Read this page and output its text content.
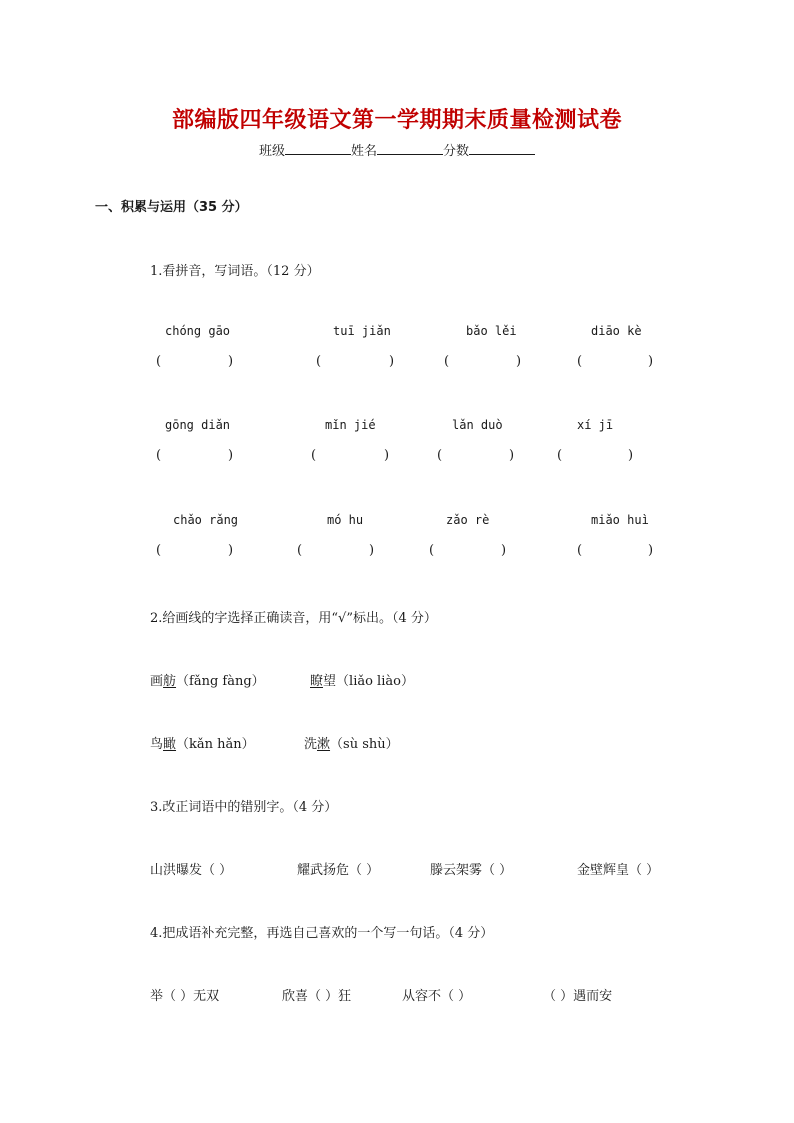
部编版四年级语文第一学期期末质量检测试卷
班级	姓名	分数
一、积累与运用（35 分）
1.看拼音，写词语。（12 分）
chóng gāo	tuī jiǎn	bǎo lěi	diāo kè
(	)	(	)	(	)	(	)
gōng diǎn	mǐn jié	lǎn duò	xí jī
(	)	(	)	(	)	(	)
chǎo rǎng	mó hu	zǎo rè	miǎo huì
(	)	(	)	(	)	(	)
2.给画线的字选择正确读音，用“√”标出。（4 分）
画舫（fǎng fàng）	瞭望（liǎo liào）
鸟瞰（kǎn hǎn）	洗漱（sù shù）
3.改正词语中的错别字。（4 分）
山洪曝发（ ）	耀武扬危（ ）	滕云架雾（ ）	金壁辉皇（ ）
4.把成语补充完整，再选自己喜欢的一个写一句话。（4 分）
举（ ）无双	欣喜（ ）狂	从容不（ ）	（ ）遇而安
